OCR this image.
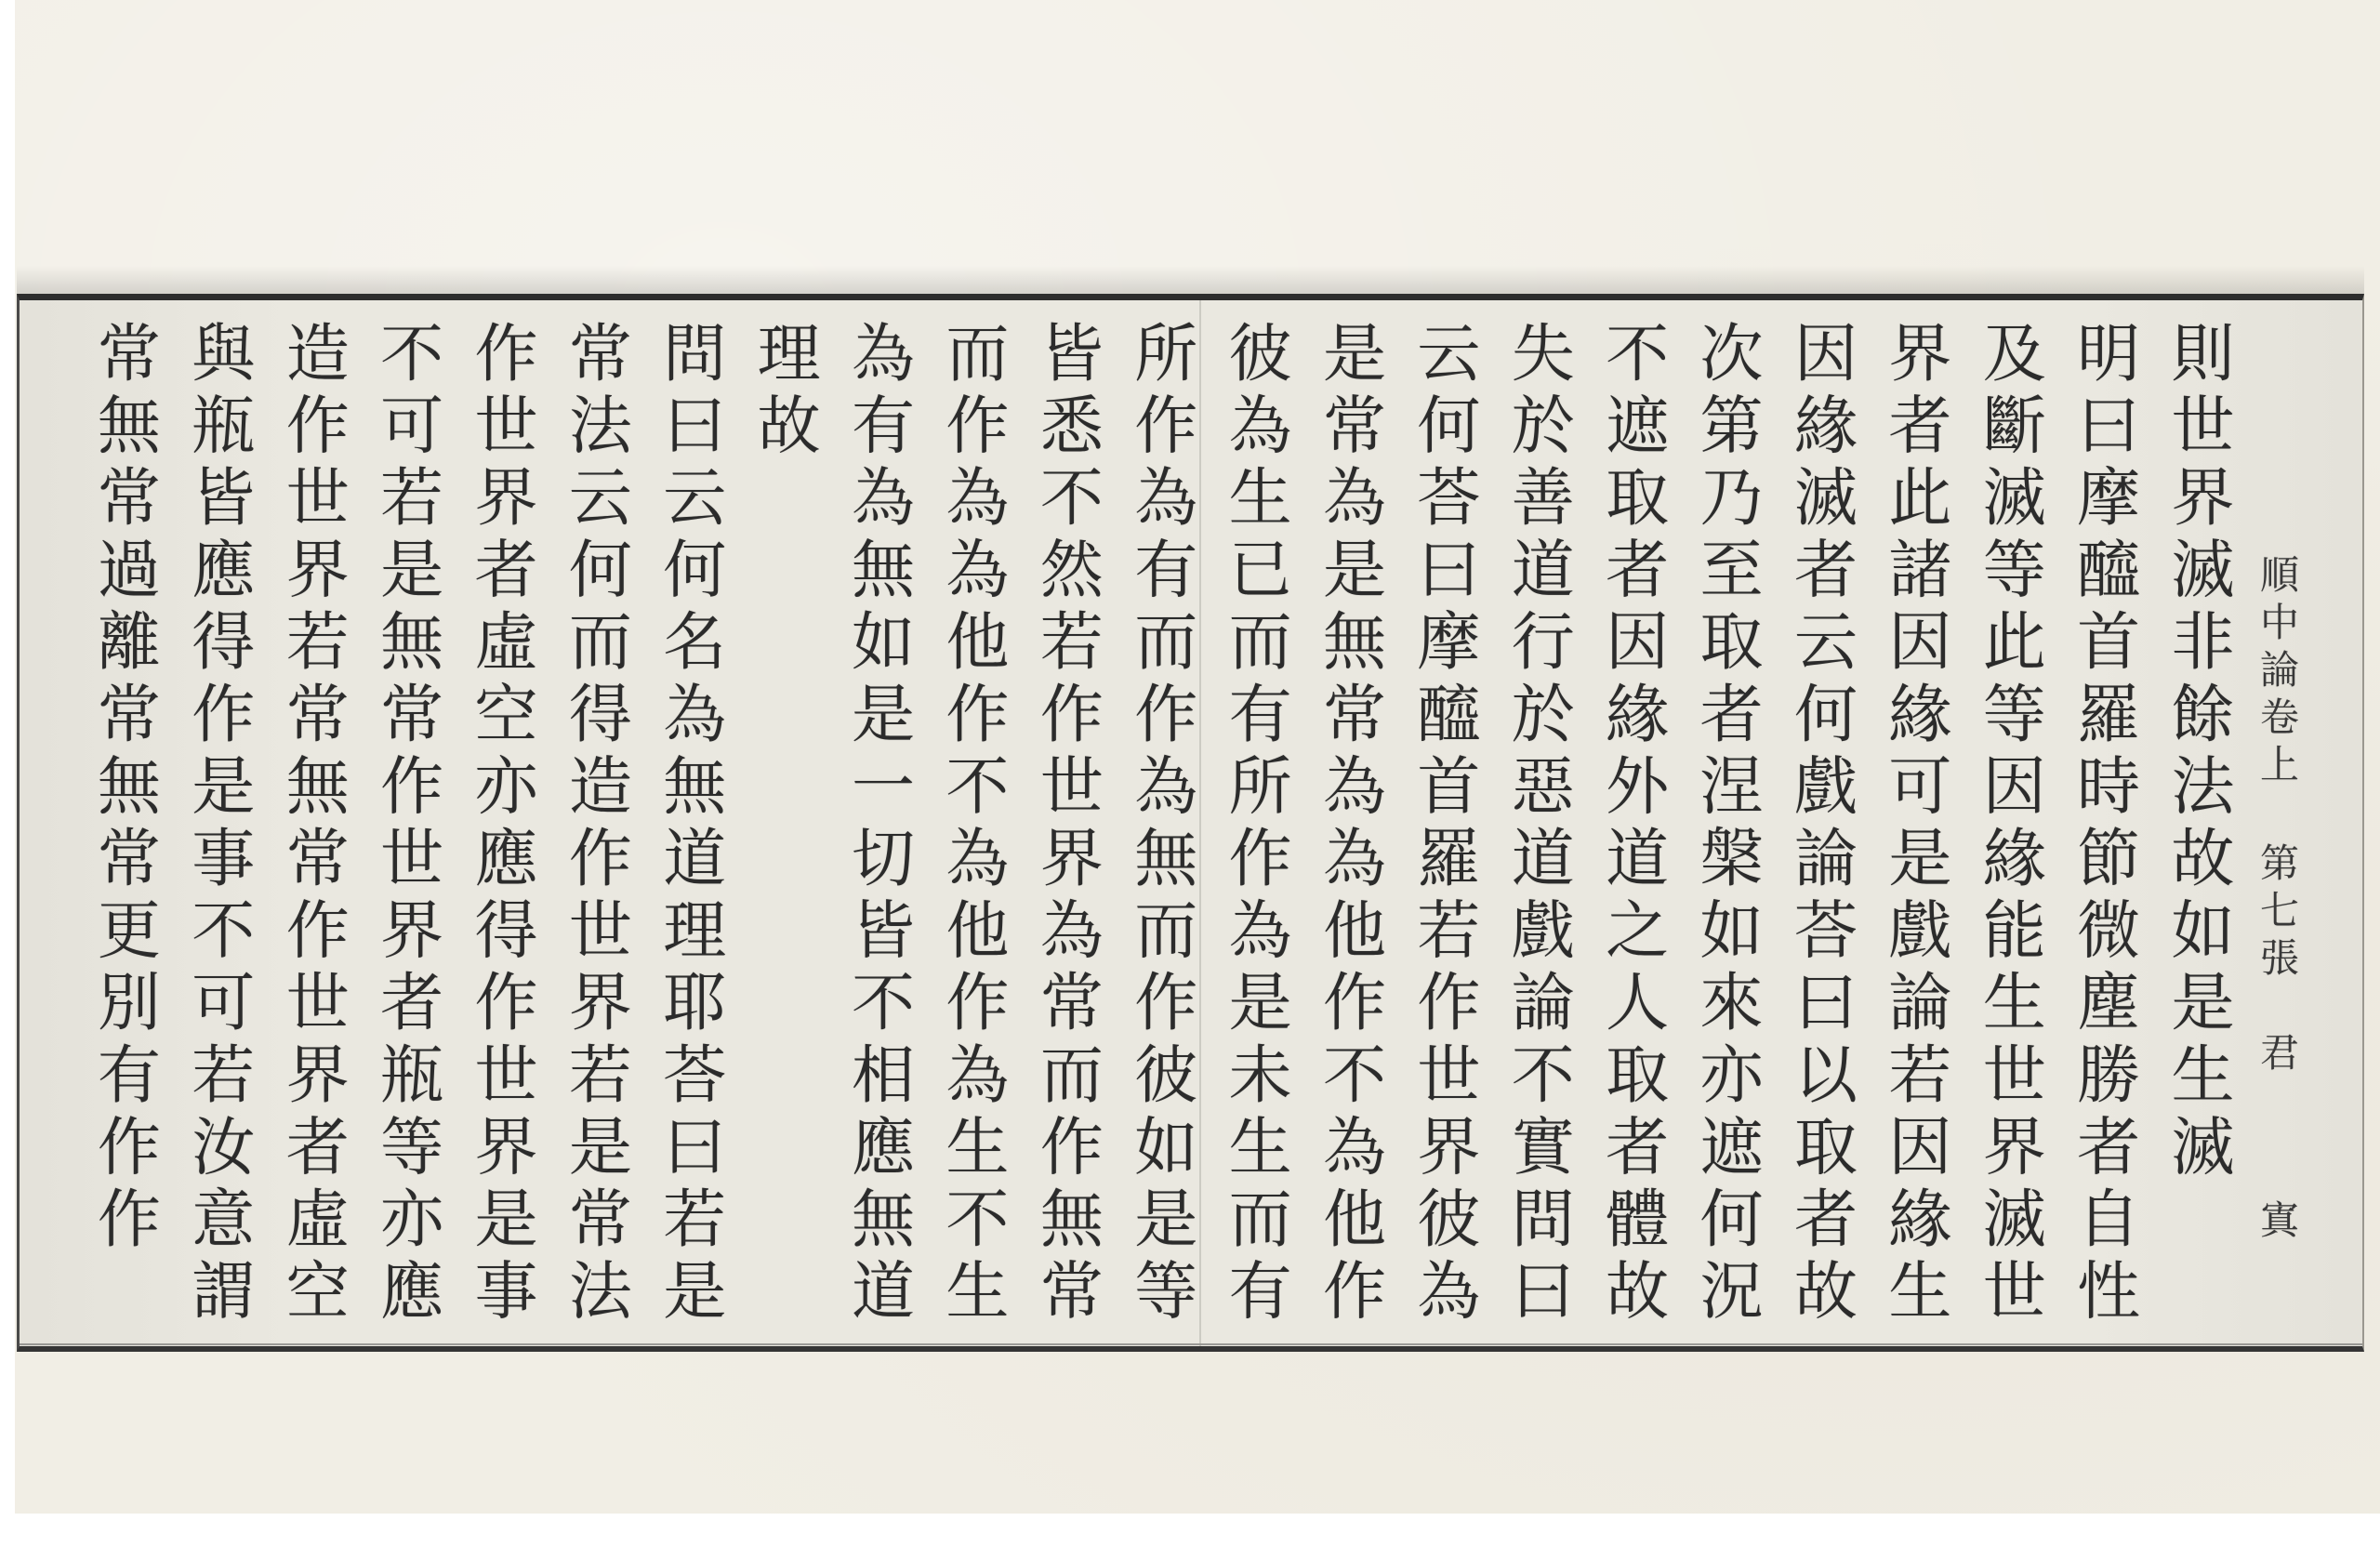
則世界滅非餘法故如是生滅
明曰摩醯首羅時節微塵勝者自性
及斷滅等此等因緣能生世界滅世
界者此諸因緣可是戲論若因緣生
因緣滅者云何戲論荅曰以取者故
次第乃至取者涅槃如來亦遮何況
不遮取者因緣外道之人取者體故
失於善道行於惡道戲論不實問曰
云何荅曰摩醯首羅若作世界彼為
是常為是無常為為他作不為他作
彼為生已而有所作為是未生而有
所作為有而作為無而作彼如是等
皆悉不然若作世界為常而作無常
而作為為他作不為他作為生不生
為有為無如是一切皆不相應無道
理故
問曰云何名為無道理耶荅曰若是
常法云何而得造作世界若是常法
作世界者虛空亦應得作世界是事
不可若是無常作世界者瓶等亦應
造作世界若常無常作世界者虛空
與瓶皆應得作是事不可若汝意謂
常無常過離常無常更別有作作	順中論卷上
第七張
君
寘
